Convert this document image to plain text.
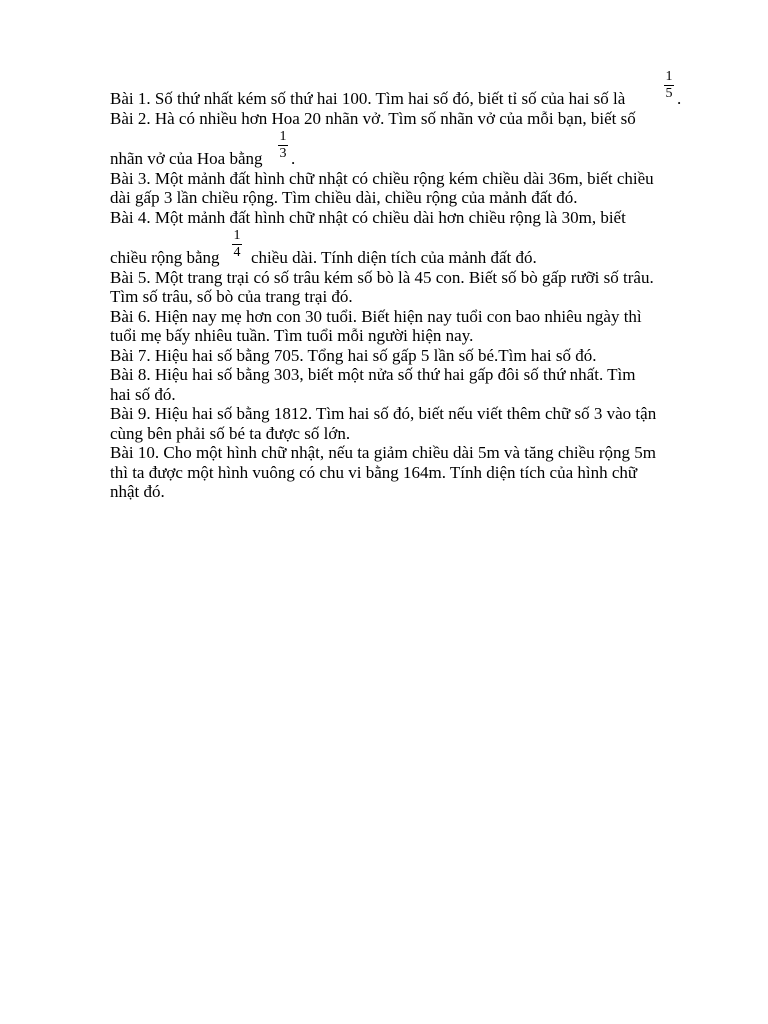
Bài 1. Số thứ nhất kém số thứ hai 100. Tìm hai số đó, biết tỉ số của hai số là
1
5 .
Bài 2. Hà có nhiều hơn Hoa 20 nhãn vở. Tìm số nhãn vở của mỗi bạn, biết số
nhãn vở của Hoa bằng
1
3 .
Bài 3. Một mảnh đất hình chữ nhật có chiều rộng kém chiều dài 36m, biết chiều
dài gấp 3 lần chiều rộng. Tìm chiều dài, chiều rộng của mảnh đất đó.
Bài 4. Một mảnh đất hình chữ nhật có chiều dài hơn chiều rộng là 30m, biết
chiều rộng bằng
1
4 chiều dài. Tính diện tích của mảnh đất đó.
Bài 5. Một trang trại có số trâu kém số bò là 45 con. Biết số bò gấp rưỡi số trâu.
Tìm số trâu, số bò của trang trại đó.
Bài 6. Hiện nay mẹ hơn con 30 tuổi. Biết hiện nay tuổi con bao nhiêu ngày thì
tuổi mẹ bấy nhiêu tuần. Tìm tuổi mỗi người hiện nay.
Bài 7. Hiệu hai số bằng 705. Tổng hai số gấp 5 lần số bé.Tìm hai số đó.
Bài 8. Hiệu hai số bằng 303, biết một nửa số thứ hai gấp đôi số thứ nhất. Tìm
hai số đó.
Bài 9. Hiệu hai số bằng 1812. Tìm hai số đó, biết nếu viết thêm chữ số 3 vào tận
cùng bên phải số bé ta được số lớn.
Bài 10. Cho một hình chữ nhật, nếu ta giảm chiều dài 5m và tăng chiều rộng 5m
thì ta được một hình vuông có chu vi bằng 164m. Tính diện tích của hình chữ
nhật đó.
